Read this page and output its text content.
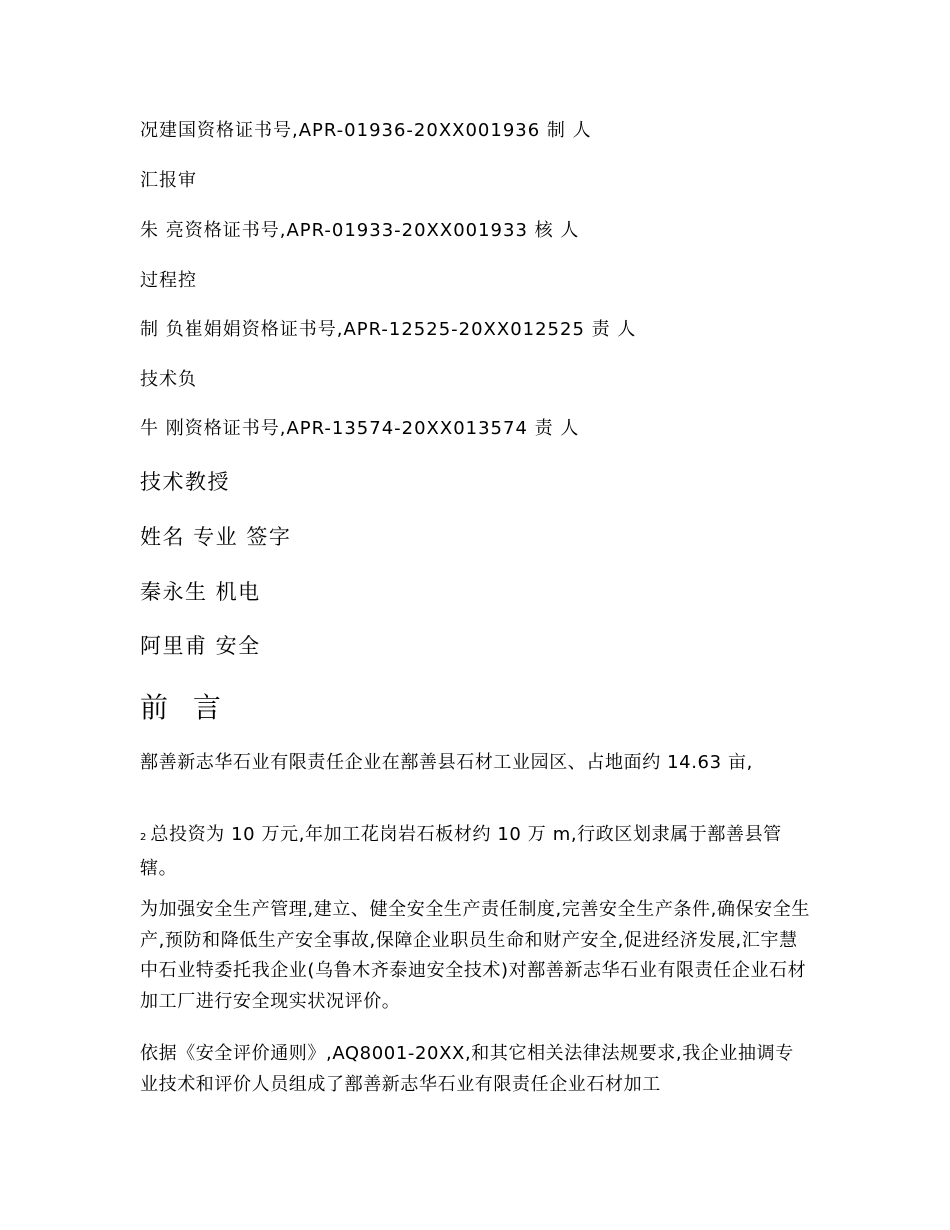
况建国资格证书号,APR-01936-20XX001936 制 人

汇报审

朱 亮资格证书号,APR-01933-20XX001933 核 人

过程控

制 负崔娟娟资格证书号,APR-12525-20XX012525 责 人

技术负

牛 刚资格证书号,APR-13574-20XX013574 责 人

技术教授

姓名 专业 签字

秦永生 机电

阿里甫 安全

前 言

鄯善新志华石业有限责任企业在鄯善县石材工业园区、占地面约 14.63 亩,

2 总投资为 10 万元,年加工花岗岩石板材约 10 万 m,行政区划隶属于鄯善县管辖。

为加强安全生产管理,建立、健全安全生产责任制度,完善安全生产条件,确保安全生产,预防和降低生产安全事故,保障企业职员生命和财产安全,促进经济发展,汇宇慧中石业特委托我企业(乌鲁木齐泰迪安全技术)对鄯善新志华石业有限责任企业石材加工厂进行安全现实状况评价。

依据《安全评价通则》,AQ8001-20XX,和其它相关法律法规要求,我企业抽调专业技术和评价人员组成了鄯善新志华石业有限责任企业石材加工
